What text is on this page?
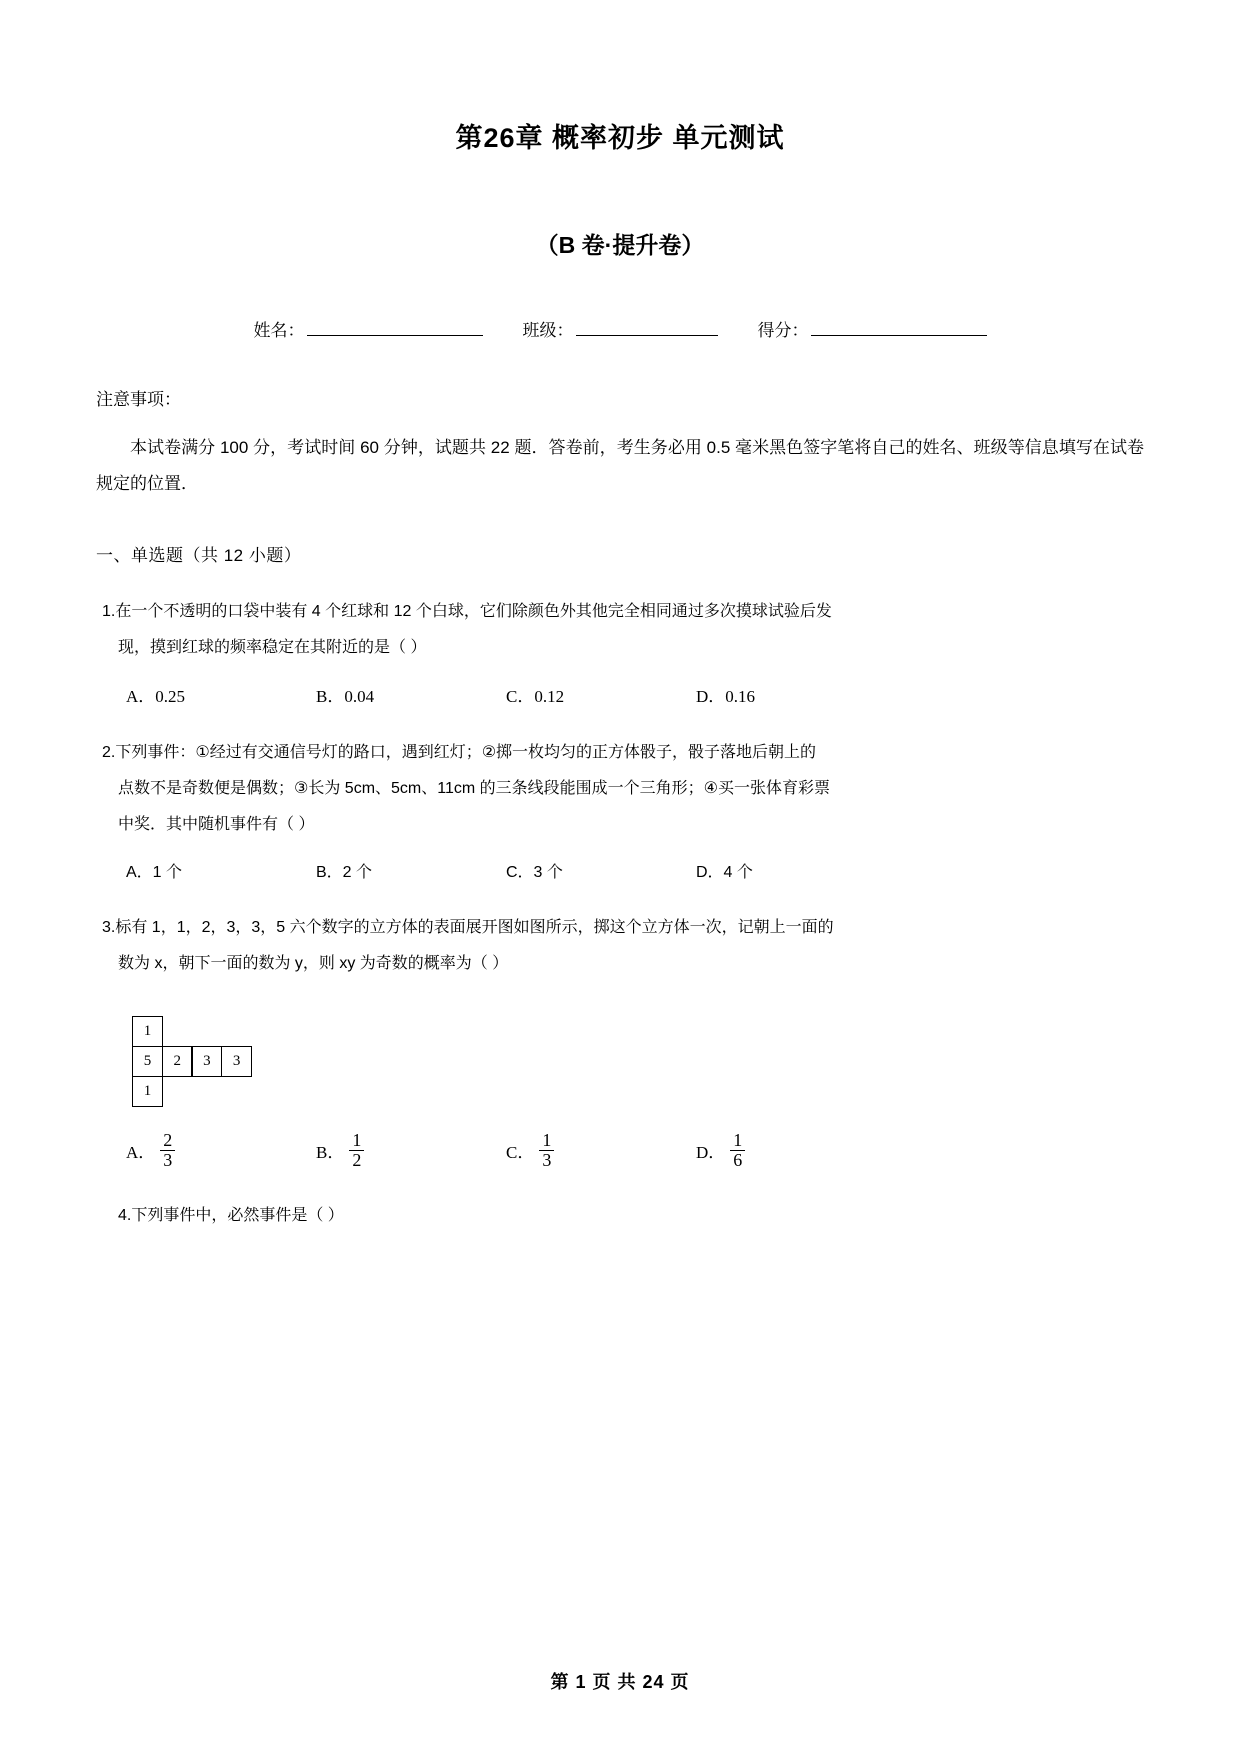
第26章 概率初步 单元测试
（B 卷·提升卷）
姓名：	班级：	得分：
注意事项：
本试卷满分 100 分，考试时间 60 分钟，试题共 22 题．答卷前，考生务必用 0.5 毫米黑色签字笔将自己的姓名、班级等信息填写在试卷规定的位置．
一、单选题（共 12 小题）
1.在一个不透明的口袋中装有 4 个红球和 12 个白球，它们除颜色外其他完全相同通过多次摸球试验后发
现，摸到红球的频率稳定在其附近的是（ ）
A．0.25	B．0.04	C．0.12	D．0.16
2.下列事件：①经过有交通信号灯的路口，遇到红灯；②掷一枚均匀的正方体骰子，骰子落地后朝上的
点数不是奇数便是偶数；③长为 5cm、5cm、11cm 的三条线段能围成一个三角形；④买一张体育彩票
中奖．其中随机事件有（ ）
A．1 个	B．2 个	C．3 个	D．4 个
3.标有 1，1，2，3，3，5 六个数字的立方体的表面展开图如图所示，掷这个立方体一次，记朝上一面的
数为 x，朝下一面的数为 y，则 xy 为奇数的概率为（ ）
1
5	2	3	3
1
A． $\frac{2}{3}$	B． $\frac{1}{2}$	C． $\frac{1}{3}$	D． $\frac{1}{6}$
4.下列事件中，必然事件是（ ）
第 1 页 共 24 页
